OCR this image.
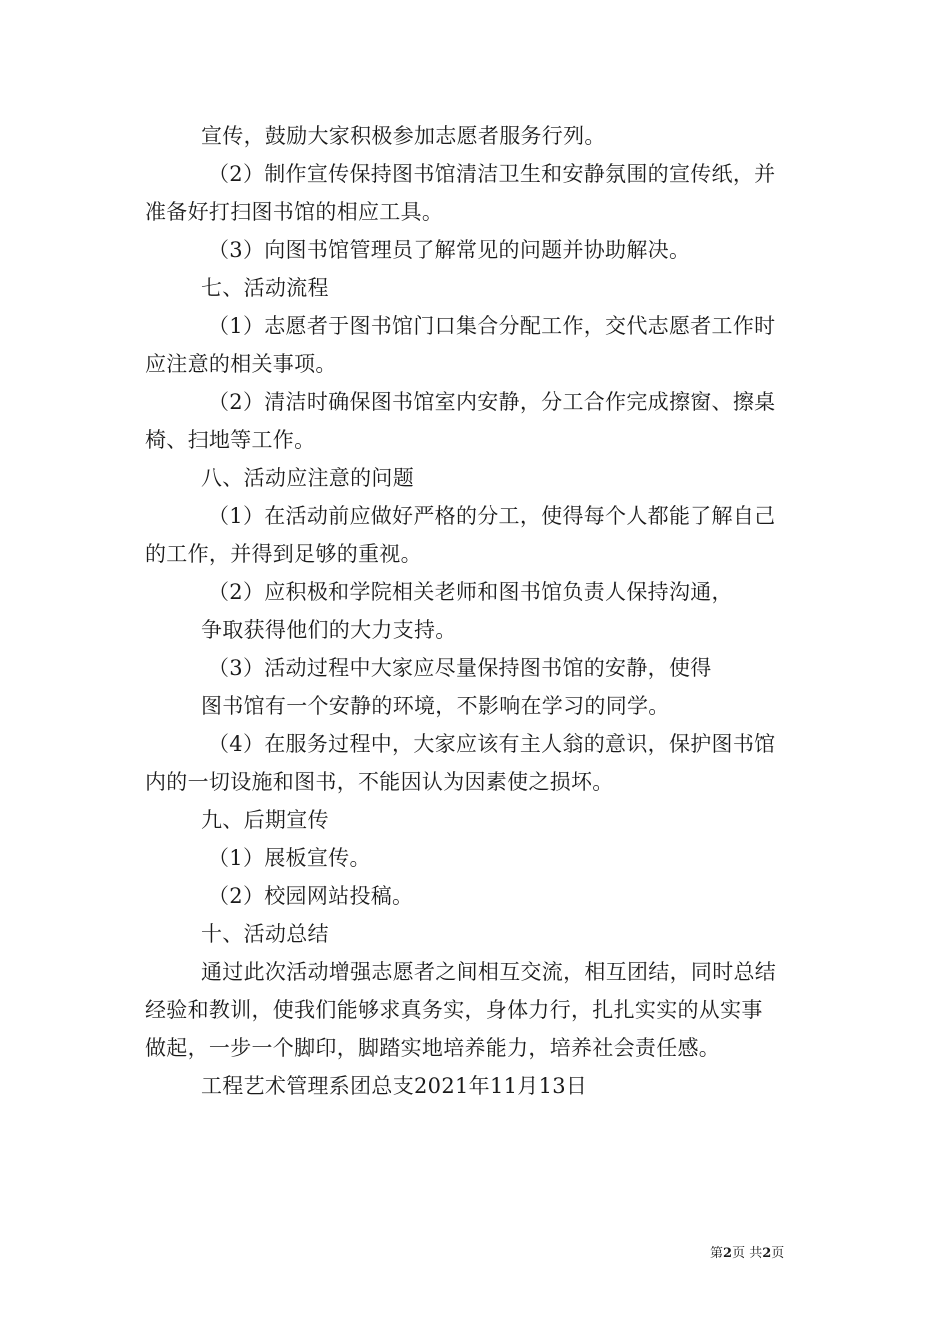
宣传，鼓励大家积极参加志愿者服务行列。
（2）制作宣传保持图书馆清洁卫生和安静氛围的宣传纸，并
准备好打扫图书馆的相应工具。
（3）向图书馆管理员了解常见的问题并协助解决。
七、活动流程
（1）志愿者于图书馆门口集合分配工作，交代志愿者工作时
应注意的相关事项。
（2）清洁时确保图书馆室内安静，分工合作完成擦窗、擦桌
椅、扫地等工作。
八、活动应注意的问题
（1）在活动前应做好严格的分工，使得每个人都能了解自己
的工作，并得到足够的重视。
（2）应积极和学院相关老师和图书馆负责人保持沟通，
争取获得他们的大力支持。
（3）活动过程中大家应尽量保持图书馆的安静，使得
图书馆有一个安静的环境，不影响在学习的同学。
（4）在服务过程中，大家应该有主人翁的意识，保护图书馆
内的一切设施和图书，不能因认为因素使之损坏。
九、后期宣传
（1）展板宣传。
（2）校园网站投稿。
十、活动总结
通过此次活动增强志愿者之间相互交流，相互团结，同时总结
经验和教训，使我们能够求真务实，身体力行，扎扎实实的从实事
做起，一步一个脚印，脚踏实地培养能力，培养社会责任感。
工程艺术管理系团总支2021年11月13日
第2页 共2页
